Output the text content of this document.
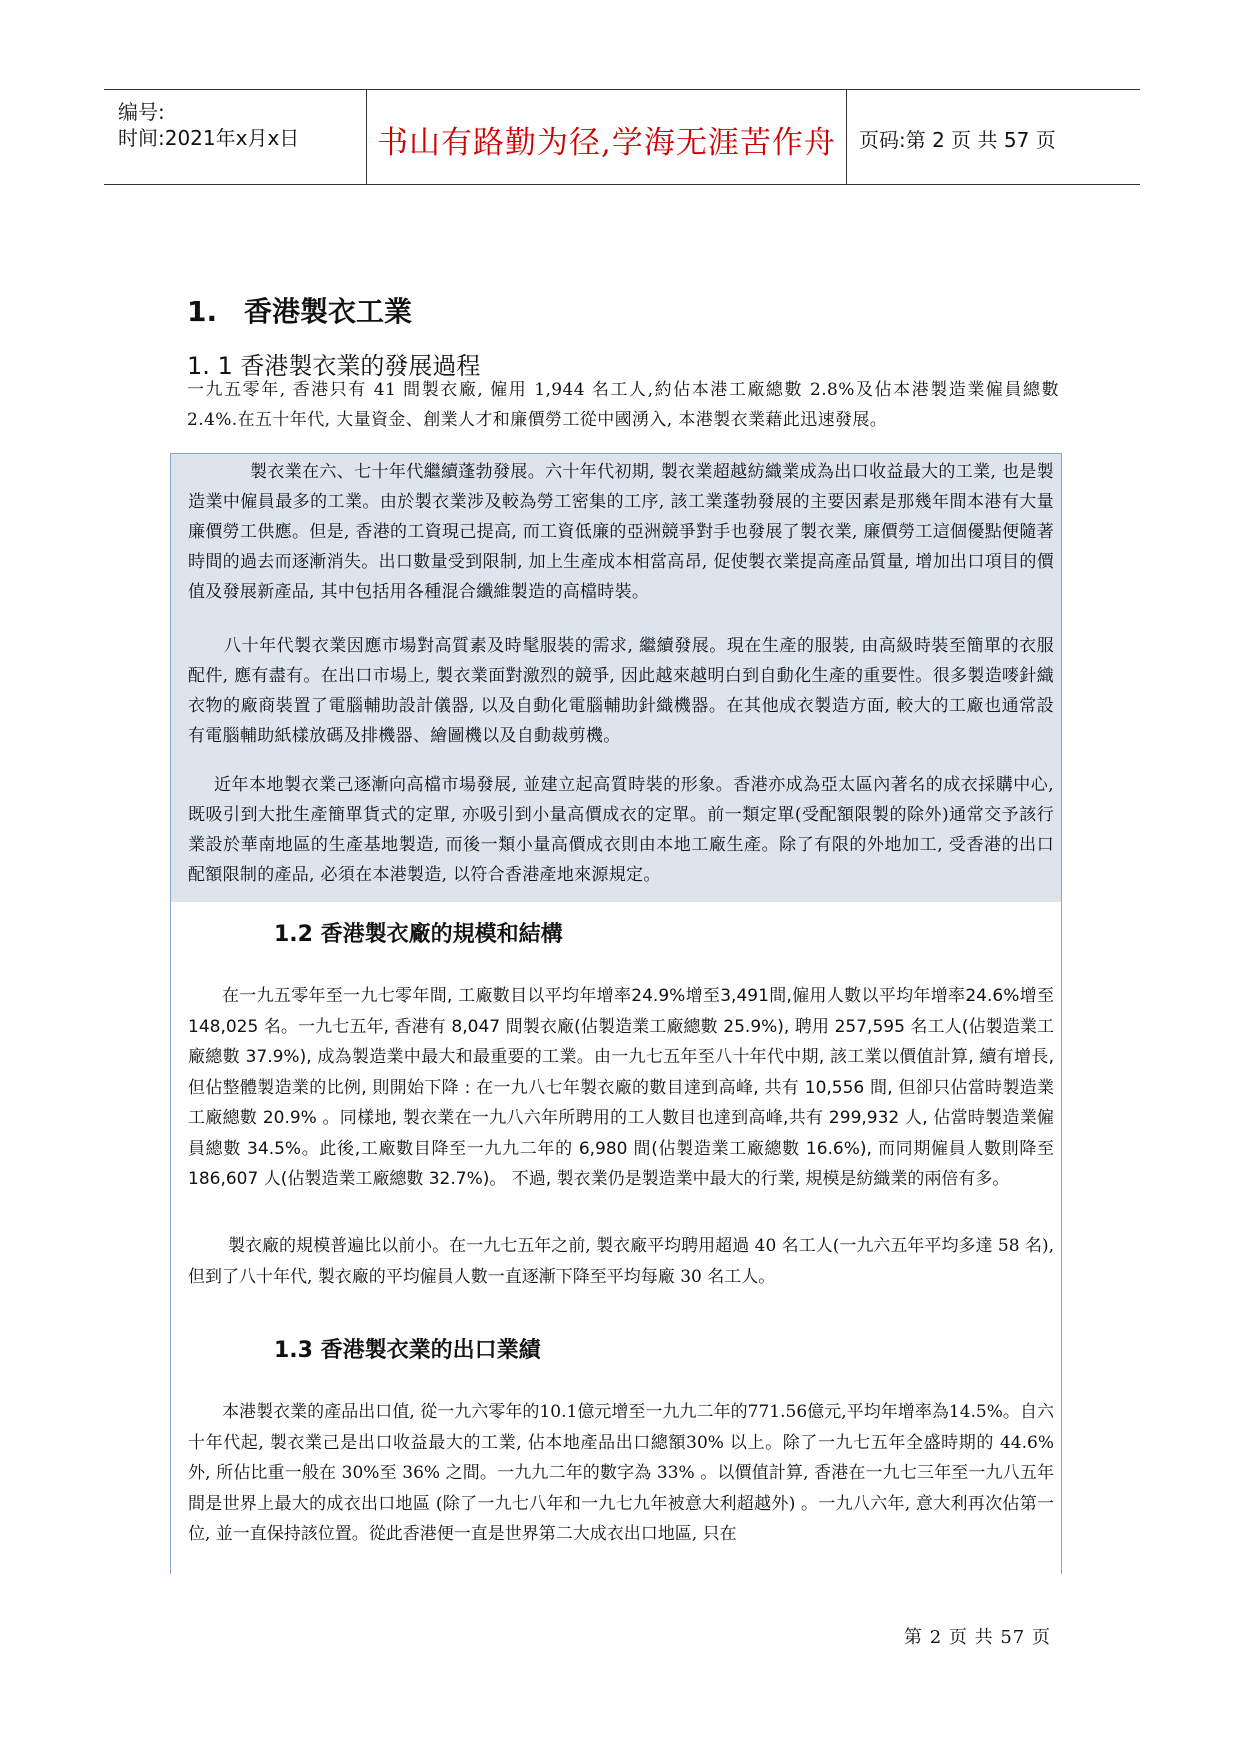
编号:
时间:2021年x月x日	书山有路勤为径,学海无涯苦作舟	页码:第 2 页 共 57 页
1. 香港製衣工業
1. 1 香港製衣業的發展過程
一九五零年, 香港只有 41 間製衣廠, 僱用 1,944 名工人,約佔本港工廠總數 2.8%及佔本港製造業僱員總數 2.4%.在五十年代, 大量資金、創業人才和廉價勞工從中國湧入, 本港製衣業藉此迅速發展。
製衣業在六、七十年代繼續蓬勃發展。六十年代初期, 製衣業超越紡織業成為出口收益最大的工業, 也是製造業中僱員最多的工業。由於製衣業涉及較為勞工密集的工序, 該工業蓬勃發展的主要因素是那幾年間本港有大量廉價勞工供應。但是, 香港的工資現己提高, 而工資低廉的亞洲競爭對手也發展了製衣業, 廉價勞工這個優點便隨著時間的過去而逐漸消失。出口數量受到限制, 加上生產成本相當高昂, 促使製衣業提高產品質量, 增加出口項目的價值及發展新產品, 其中包括用各種混合纖維製造的高檔時裝。
八十年代製衣業因應市場對高質素及時髦服裝的需求, 繼續發展。現在生產的服裝, 由高級時裝至簡單的衣服配件, 應有盡有。在出口市場上, 製衣業面對激烈的競爭, 因此越來越明白到自動化生產的重要性。很多製造嘜針織衣物的廠商裝置了電腦輔助設計儀器, 以及自動化電腦輔助針織機器。在其他成衣製造方面, 較大的工廠也通常設有電腦輔助紙樣放碼及排機器、繪圖機以及自動裁剪機。
近年本地製衣業己逐漸向高檔市場發展, 並建立起高質時裝的形象。香港亦成為亞太區內著名的成衣採購中心, 既吸引到大批生產簡單貨式的定單, 亦吸引到小量高價成衣的定單。前一類定單(受配額限製的除外)通常交予該行業設於華南地區的生產基地製造, 而後一類小量高價成衣則由本地工廠生產。除了有限的外地加工, 受香港的出口配額限制的產品, 必須在本港製造, 以符合香港產地來源規定。
1.2 香港製衣廠的規模和結構
在一九五零年至一九七零年間, 工廠數目以平均年增率24.9%增至3,491間,僱用人數以平均年增率24.6%增至 148,025 名。一九七五年, 香港有 8,047 間製衣廠(佔製造業工廠總數 25.9%), 聘用 257,595 名工人(佔製造業工廠總數 37.9%), 成為製造業中最大和最重要的工業。由一九七五年至八十年代中期, 該工業以價值計算, 續有增長, 但佔整體製造業的比例, 則開始下降 : 在一九八七年製衣廠的數目達到高峰, 共有 10,556 間, 但卻只佔當時製造業工廠總數 20.9% 。同樣地, 製衣業在一九八六年所聘用的工人數目也達到高峰,共有 299,932 人, 佔當時製造業僱員總數 34.5%。此後,工廠數目降至一九九二年的 6,980 間(佔製造業工廠總數 16.6%), 而同期僱員人數則降至 186,607 人(佔製造業工廠總數 32.7%)。 不過, 製衣業仍是製造業中最大的行業, 規模是紡織業的兩倍有多。
製衣廠的規模普遍比以前小。在一九七五年之前, 製衣廠平均聘用超過 40 名工人(一九六五年平均多達 58 名), 但到了八十年代, 製衣廠的平均僱員人數一直逐漸下降至平均每廠 30 名工人。
1.3 香港製衣業的出口業績
本港製衣業的產品出口值, 從一九六零年的10.1億元增至一九九二年的771.56億元,平均年增率為14.5%。自六十年代起, 製衣業己是出口收益最大的工業, 佔本地產品出口總額30% 以上。除了一九七五年全盛時期的 44.6% 外, 所佔比重一般在 30%至 36% 之間。一九九二年的數字為 33% 。以價值計算, 香港在一九七三年至一九八五年間是世界上最大的成衣出口地區 (除了一九七八年和一九七九年被意大利超越外) 。一九八六年, 意大利再次佔第一位, 並一直保持該位置。從此香港便一直是世界第二大成衣出口地區, 只在
第 2 页 共 57 页
